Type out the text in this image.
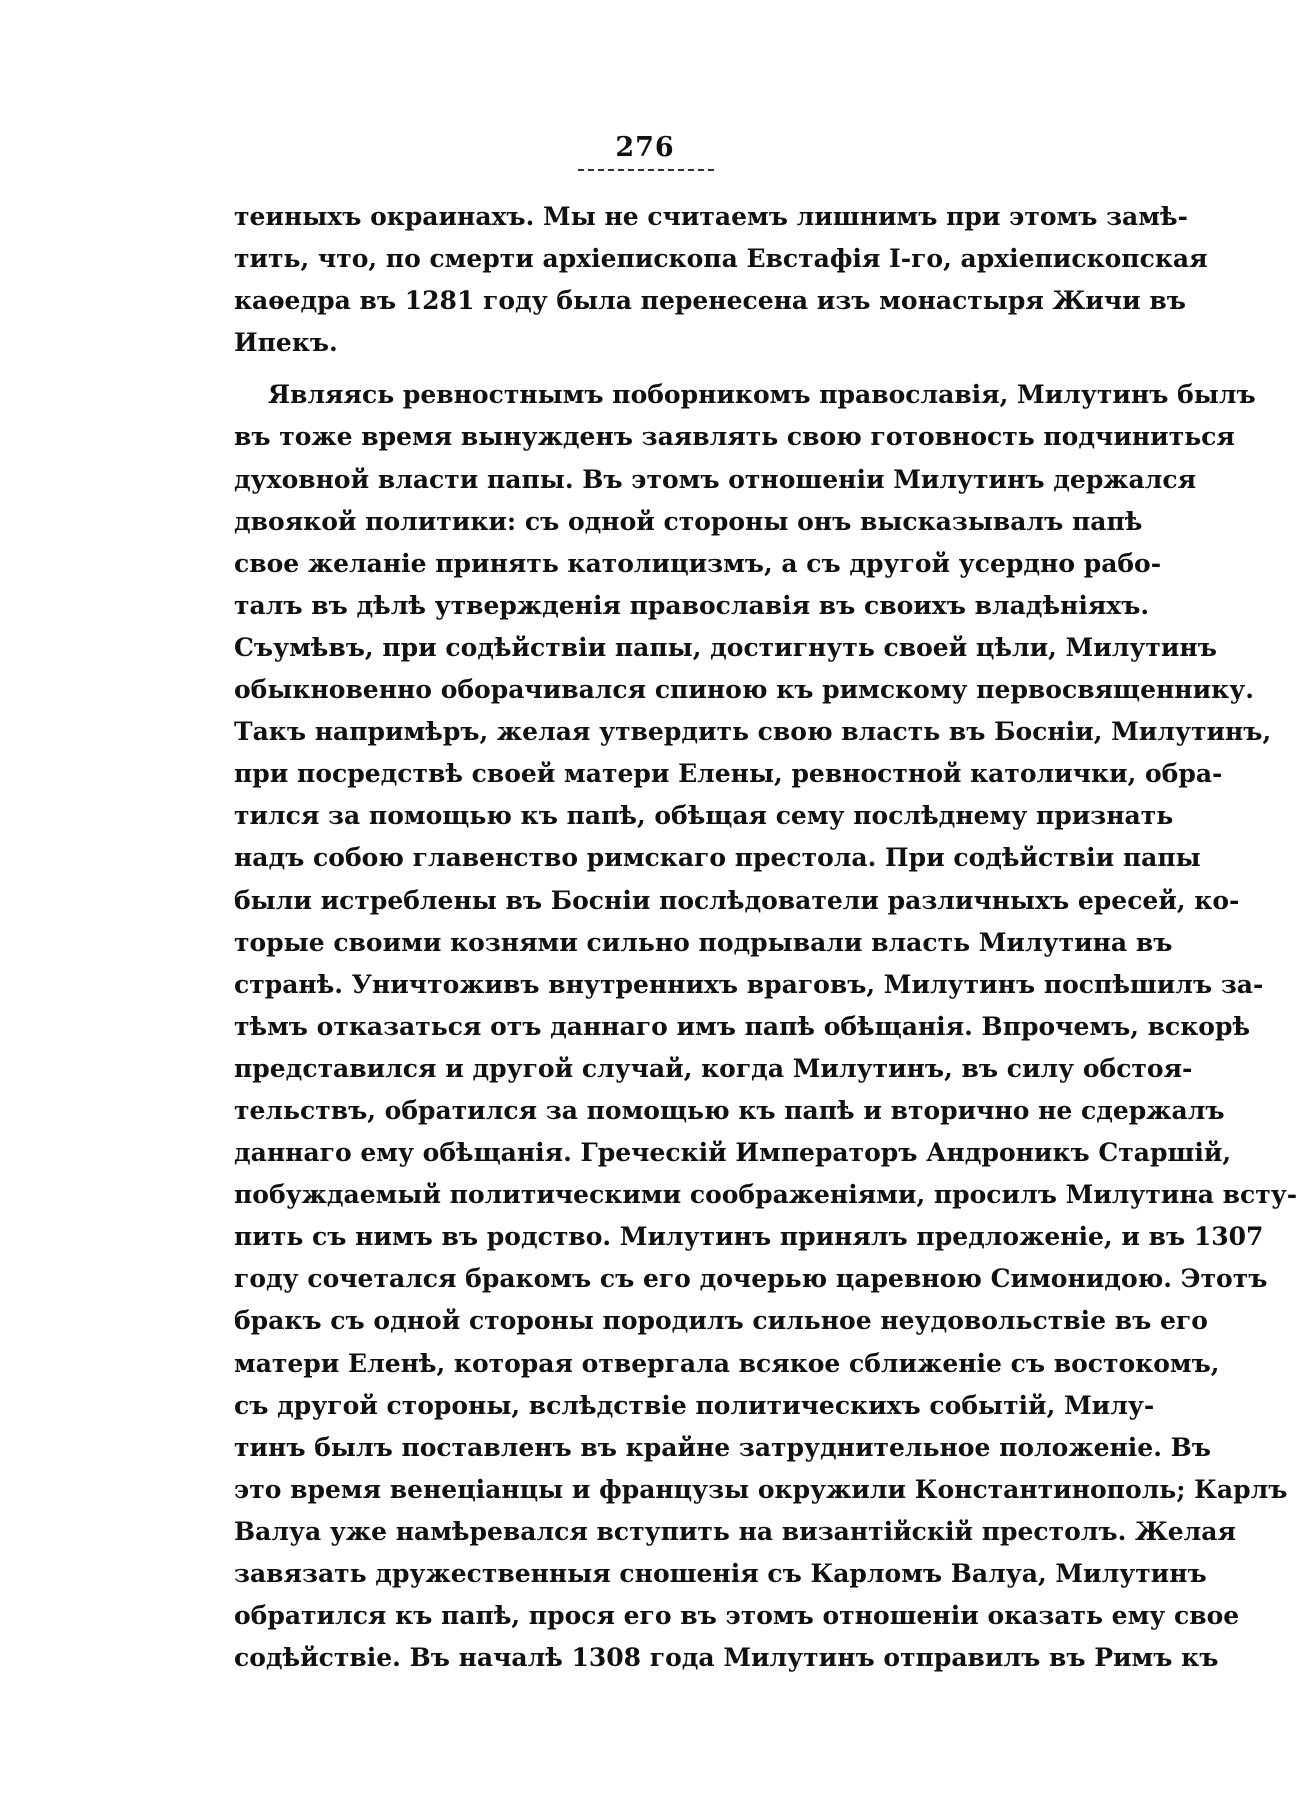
276
теиныхъ окраинахъ. Мы не считаемъ лишнимъ при этомъ замѣ-
тить, что, по смерти архіепископа Евстафія I-го, архіепископская
каѳедра въ 1281 году была перенесена изъ монастыря Жичи въ
Ипекъ.
Являясь ревностнымъ поборникомъ православія, Милутинъ былъ
въ тоже время вынужденъ заявлять свою готовность подчиниться
духовной власти папы. Въ этомъ отношеніи Милутинъ держался
двоякой политики: съ одной стороны онъ высказывалъ папѣ
свое желаніе принять католицизмъ, а съ другой усердно рабо-
талъ въ дѣлѣ утвержденія православія въ своихъ владѣніяхъ.
Съумѣвъ, при содѣйствіи папы, достигнуть своей цѣли, Милутинъ
обыкновенно оборачивался спиною къ римскому первосвященнику.
Такъ напримѣръ, желая утвердить свою власть въ Босніи, Милутинъ,
при посредствѣ своей матери Елены, ревностной католички, обра-
тился за помощью къ папѣ, обѣщая сему послѣднему признать
надъ собою главенство римскаго престола. При содѣйствіи папы
были истреблены въ Босніи послѣдователи различныхъ ересей, ко-
торые своими кознями сильно подрывали власть Милутина въ
странѣ. Уничтоживъ внутреннихъ враговъ, Милутинъ поспѣшилъ за-
тѣмъ отказаться отъ даннаго имъ папѣ обѣщанія. Впрочемъ, вскорѣ
представился и другой случай, когда Милутинъ, въ силу обстоя-
тельствъ, обратился за помощью къ папѣ и вторично не сдержалъ
даннаго ему обѣщанія. Греческій Императоръ Андроникъ Старшій,
побуждаемый политическими соображеніями, просилъ Милутина всту-
пить съ нимъ въ родство. Милутинъ принялъ предложеніе, и въ 1307
году сочетался бракомъ съ его дочерью царевною Симонидою. Этотъ
бракъ съ одной стороны породилъ сильное неудовольствіе въ его
матери Еленѣ, которая отвергала всякое сближеніе съ востокомъ,
съ другой стороны, вслѣдствіе политическихъ событій, Милу-
тинъ былъ поставленъ въ крайне затруднительное положеніе. Въ
это время венеціанцы и французы окружили Константинополь; Карлъ
Валуа уже намѣревался вступить на византійскій престолъ. Желая
завязать дружественныя сношенія съ Карломъ Валуа, Милутинъ
обратился къ папѣ, прося его въ этомъ отношеніи оказать ему свое
содѣйствіе. Въ началѣ 1308 года Милутинъ отправилъ въ Римъ къ
